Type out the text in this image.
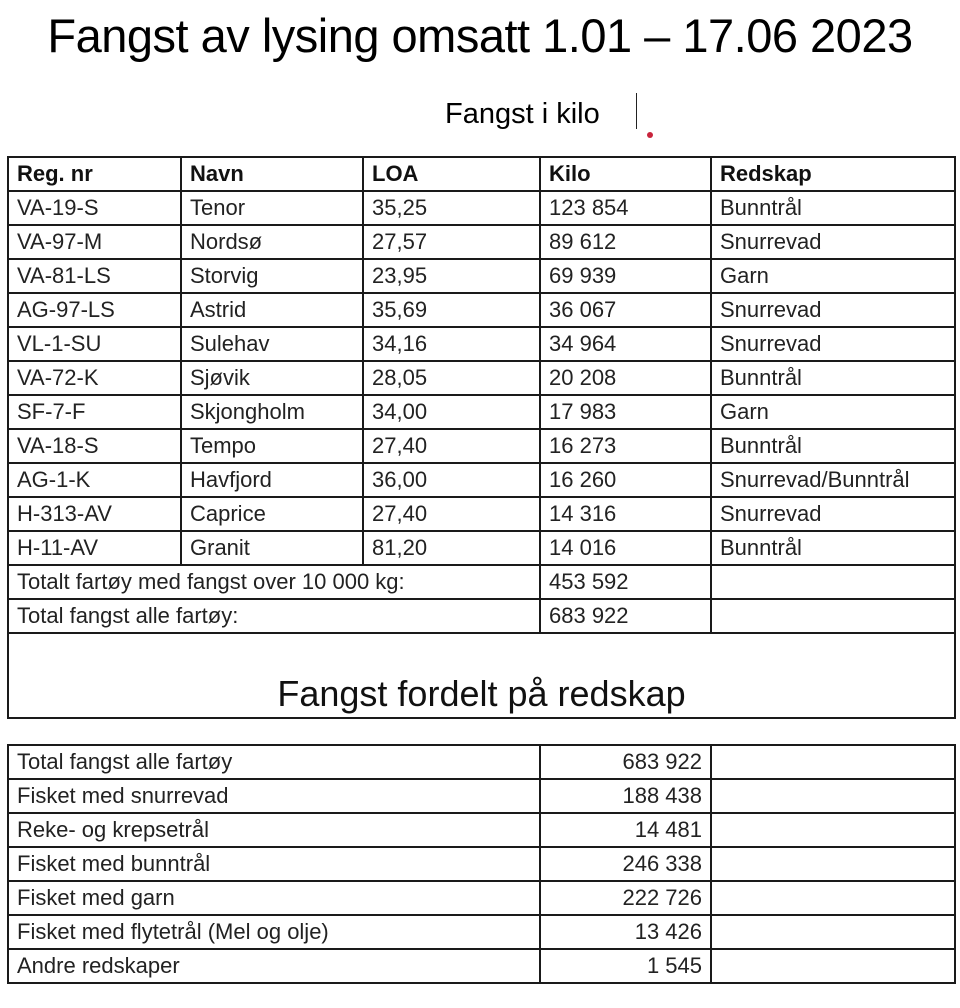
Fangst av lysing omsatt 1.01 – 17.06 2023
Fangst i kilo
Reg. nr	Navn	LOA	Kilo	Redskap
VA-19-S	Tenor	35,25	123 854	Bunntrål
VA-97-M	Nordsø	27,57	89 612	Snurrevad
VA-81-LS	Storvig	23,95	69 939	Garn
AG-97-LS	Astrid	35,69	36 067	Snurrevad
VL-1-SU	Sulehav	34,16	34 964	Snurrevad
VA-72-K	Sjøvik	28,05	20 208	Bunntrål
SF-7-F	Skjongholm	34,00	17 983	Garn
VA-18-S	Tempo	27,40	16 273	Bunntrål
AG-1-K	Havfjord	36,00	16 260	Snurrevad/Bunntrål
H-313-AV	Caprice	27,40	14 316	Snurrevad
H-11-AV	Granit	81,20	14 016	Bunntrål
Totalt fartøy med fangst over 10 000 kg:			453 592	
Total fangst alle fartøy:			683 922	
Fangst fordelt på redskap				
Total fangst alle fartøy	683 922	
Fisket med snurrevad	188 438	
Reke- og krepsetrål	14 481	
Fisket med bunntrål	246 338	
Fisket med garn	222 726	
Fisket med flytetrål (Mel og olje)	13 426	
Andre redskaper	1 545	
